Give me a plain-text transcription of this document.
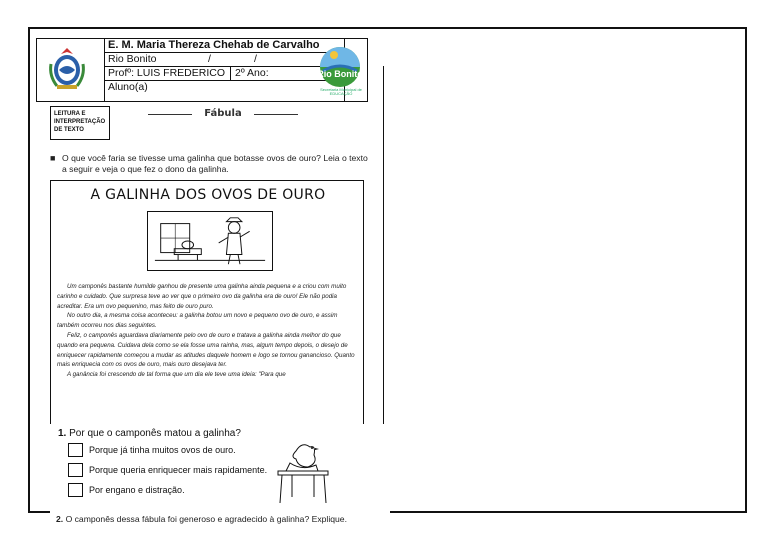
E. M. Maria Thereza Chehab de Carvalho
Rio Bonito	/	/
Profº: LUIS FREDERICO 2º Ano:
Aluno(a)
Rio Bonito
Secretaria Municipal de EDUCAÇÃO
LEITURA E INTERPRETAÇÃO DE TEXTO
Fábula
■ O que você faria se tivesse uma galinha que botasse ovos de ouro? Leia o texto a seguir e veja o que fez o dono da galinha.
A GALINHA DOS OVOS DE OURO

Um camponês bastante humilde ganhou de presente uma galinha ainda pequena e a criou com muito carinho e cuidado. Que surpresa teve ao ver que o primeiro ovo da galinha era de ouro! Ele não podia acreditar. Era um ovo pequenino, mas feito de ouro puro.

No outro dia, a mesma coisa aconteceu: a galinha botou um novo e pequeno ovo de ouro, e assim também ocorreu nos dias seguintes.

Feliz, o camponês aguardava diariamente pelo ovo de ouro e tratava a galinha ainda melhor do que quando era pequena. Cuidava dela como se ela fosse uma rainha, mas, algum tempo depois, o desejo de enriquecer rapidamente começou a mudar as atitudes daquele homem e logo se tornou ganancioso. Quanto mais enriquecia com os ovos de ouro, mais ouro desejava ter.

A ganância foi crescendo de tal forma que um dia ele teve uma ideia: "Para que

1. Por que o camponês matou a galinha?
Porque já tinha muitos ovos de ouro.
Porque queria enriquecer mais rapidamente.
Por engano e distração.
2. O camponês dessa fábula foi generoso e agradecido à galinha? Explique.
